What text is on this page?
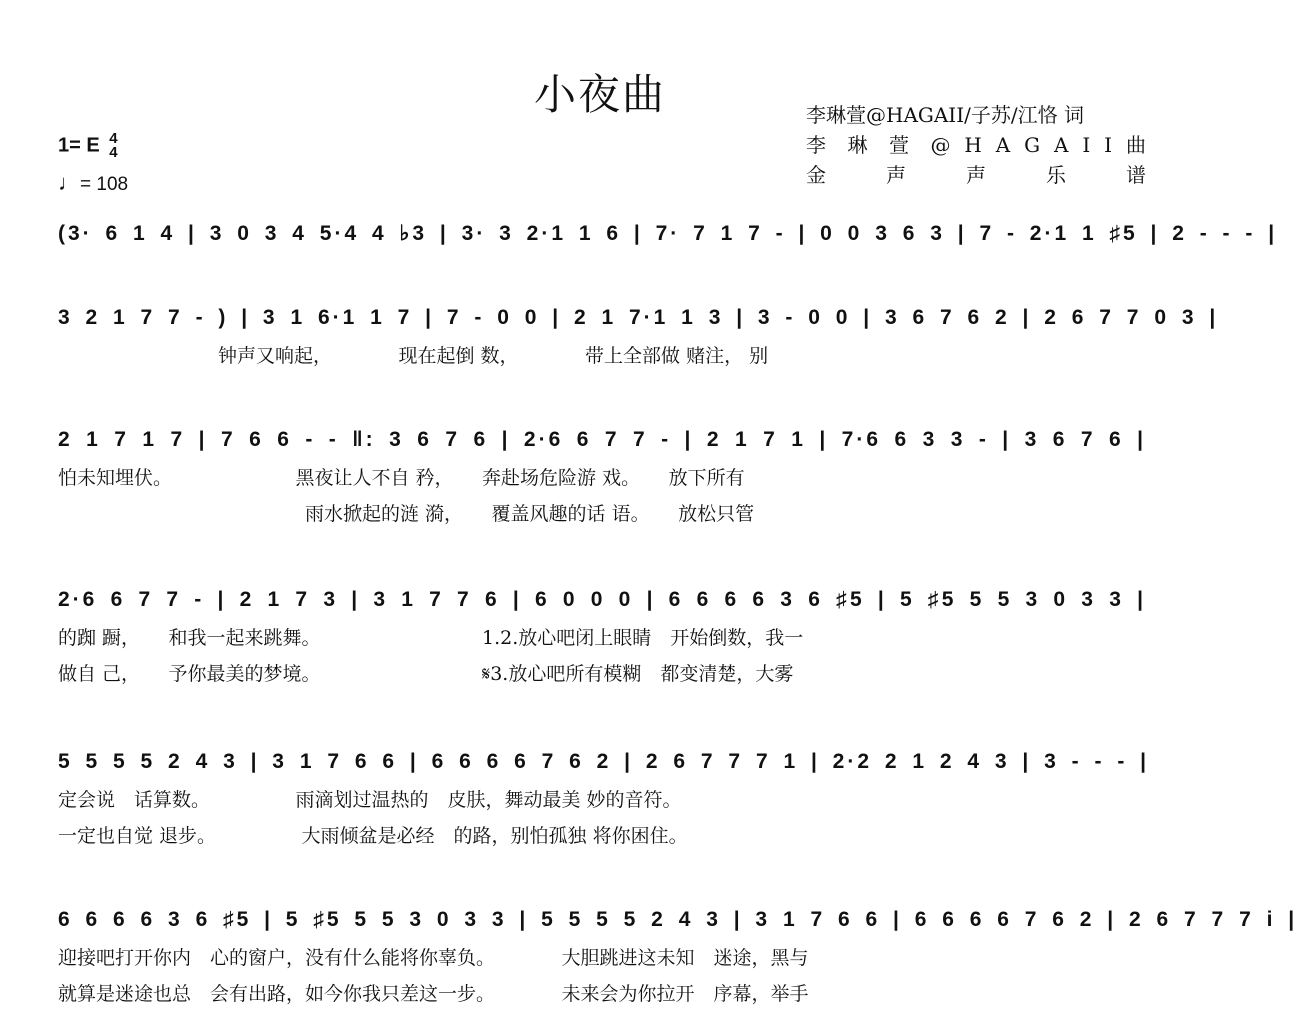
小夜曲	李琳萱@HAGAII/子苏/江恪 词
李 琳 萱 @ H A G A I I 曲
金 声 声 乐 谱
1= E 4
4
♩= 108
(3· 6 1 4 | 3 0 3 4 5·4 4 ♭3 | 3· 3 2·1 1 6 | 7· 7 1 7 - | 0 0 3 6 3 | 7 - 2·1 1 ♯5 | 2 - - - |
3 2 1 7 7 - ) | 3 1 6·1 1 7 | 7 - 0 0 | 2 1 7·1 1 3 | 3 - 0 0 | 3 6 7 6 2 | 2 6 7 7 0 3 |
钟声又响起，　　　　现在起倒 数，　　　　带上全部做 赌注， 别
2 1 7 1 7 | 7 6 6 - - ‖: 3 6 7 6 | 2·6 6 7 7 - | 2 1 7 1 | 7·6 6 3 3 - | 3 6 7 6 |
怕未知埋伏。　　　　　　　黑夜让人不自 矜，　　奔赴场危险游 戏。　　放下所有
　　　　　　　　　　　　　雨水掀起的涟 漪，　　覆盖风趣的话 语。　　放松只管
2·6 6 7 7 - | 2 1 7 3 | 3 1 7 7 6 | 6 0 0 0 | 6 6 6 6 3 6 ♯5 | 5 ♯5 5 5 3 0 3 3 |
的踟 蹰，　　和我一起来跳舞。　　　　　　　　　1.2.放心吧闭上眼睛　开始倒数，我一
做自 己，　　予你最美的梦境。　　　　　　　　　𝄋3.放心吧所有模糊　都变清楚，大雾
5 5 5 5 2 4 3 | 3 1 7 6 6 | 6 6 6 6 7 6 2 | 2 6 7 7 7 1 | 2·2 2 1 2 4 3 | 3 - - - |
定会说　话算数。　　　　　雨滴划过温热的　皮肤，舞动最美 妙的音符。
一定也自觉 退步。　　　　　大雨倾盆是必经　的路，别怕孤独 将你困住。
6 6 6 6 3 6 ♯5 | 5 ♯5 5 5 3 0 3 3 | 5 5 5 5 2 4 3 | 3 1 7 6 6 | 6 6 6 6 7 6 2 | 2 6 7 7 7 i |
迎接吧打开你内　心的窗户，没有什么能将你辜负。　　　　大胆跳进这未知　迷途，黑与
就算是迷途也总　会有出路，如今你我只差这一步。　　　　未来会为你拉开　序幕，举手
